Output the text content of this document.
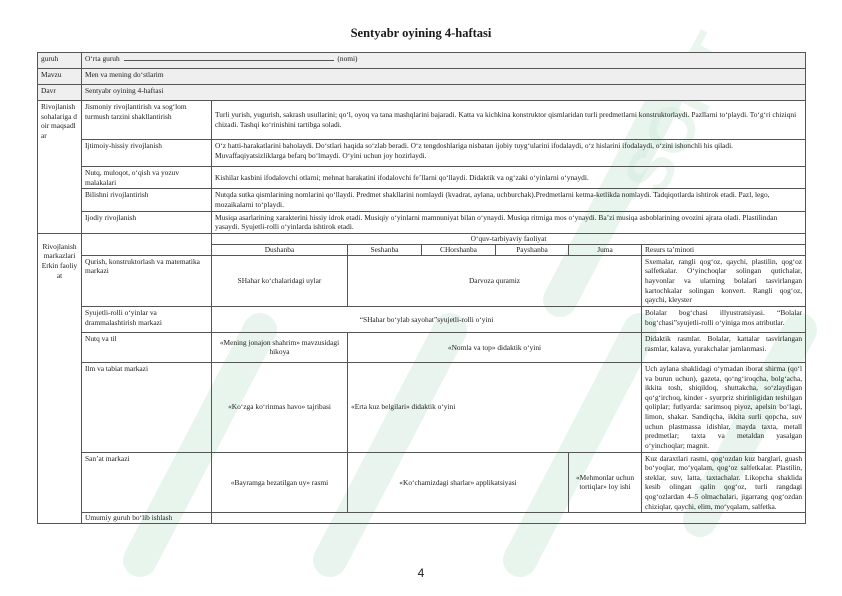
SOFT
Sentyabr oyining 4-haftasi
guruh	O‘rta guruh (nomi)						
Mavzu	Men va mening do‘stlarim						
Davr	Sentyabr oyining 4-haftasi						
Rivojlanish sohalariga doir maqsadlar	Jismoniy rivojlantirish va sog‘lom turmush tarzini shakllantirish	Turli yurish, yugurish, sakrash usullarini; qo‘l, oyoq va tana mashqlarini bajaradi. Katta va kichkina konstruktor qismlaridan turli predmetlarni konstruktorlaydi. Pazllarni to‘playdi. To‘g‘ri chiziqni chizadi. Tashqi ko‘rinishini tartibga soladi.					
	Ijtimoiy-hissiy rivojlanish	O‘z hatti-harakatlarini baholaydi. Do‘stlari haqida so‘zlab beradi. O‘z tengdoshlariga nisbatan ijobiy tuyg‘ularini ifodalaydi, o‘z hislarini ifodalaydi, o‘zini ishonchli his qiladi. Muvaffaqiyatsizliklarga befarq bo‘lmaydi. O‘yini uchun joy hozirlaydi.					
	Nutq, muloqot, o‘qish va yozuv malakalari	Kishilar kasbini ifodalovchi otlarni; mehnat harakatini ifodalovchi fe’llarni qo‘llaydi. Didaktik va og‘zaki o‘yinlarni o‘ynaydi.					
	Bilishni rivojlantirish	Nutqda sutka qismlarining nomlarini qo‘llaydi. Predmet shakllarini nomlaydi (kvadrat, aylana, uchburchak).Predmetlarni ketma-ketlikda nomlaydi. Tadqiqotlarda ishtirok etadi. Pazl, lego, mozaikalarni to‘playdi.					
	Ijodiy rivojlanish	Musiqa asarlarining xarakterini hissiy idrok etadi. Musiqiy o‘yinlarni mamnuniyat bilan o‘ynaydi. Musiqa ritmiga mos o‘ynaydi. Ba’zi musiqa asboblarining ovozini ajrata oladi. Plastilindan yasaydi. Syujetli-rolli o‘yinlarda ishtirok etadi.					
Rivojlanish markazlari Erkin faoliyat		O‘quv-tarbiyaviy faoliyat					
		Dushanba	Seshanba	CHorshanba	Payshanba	Juma	Resurs ta’minoti
	Qurish, konstruktorlash va matematika markazi	SHahar ko‘chalaridagi uylar	Darvoza quramiz				Sxemalar, rangli qog‘oz, qaychi, plastilin, qog‘oz salfetkalar. O‘yinchoqlar solingan qutichalar, hayvonlar va ularning bolalari tasvirlangan kartochkalar solingan konvert. Rangli qog‘oz, qaychi, kleyster
	Syujetli-rolli o‘yinlar va drammalashtirish markazi	“SHahar bo‘ylab sayohat”syujetli-rolli o‘yini					Bolalar bog‘chasi illyustratsiyasi. “Bolalar bog‘chasi”syujetli-rolli o‘yiniga mos atributlar.
	Nutq va til	«Mening jonajon shahrim» mavzusidagi hikoya	«Nomla va top» didaktik o‘yini				Didaktik rasmlar. Bolalar, kattalar tasvirlangan rasmlar, kalava, yurakchalar jamlanmasi.
	Ilm va tabiat markazi	«Ko‘zga ko‘rinmas havo» tajribasi	«Erta kuz belgilari» didaktik o‘yini				Uch aylana shaklidagi o‘ymadan iborat shirma (qo‘l va burun uchun), gazeta, qo‘ng‘iroqcha, bolg‘acha, ikkita tosh, shiqildoq, shuttakcha, so‘zlaydigan qo‘g‘irchoq, kinder - syurpriz shirinligidan teshilgan qoliplar; futlyarda: sarimsoq piyoz, apelsin bo‘lagi, limon, shakar. Sandiqcha, ikkita surli qopcha, suv uchun plastmassa idishlar, mayda taxta, metall predmetlar; taxta va metaldan yasalgan o‘yinchoqlar; magnit.
	San’at markazi	«Bayramga bezatilgan uy» rasmi	«Ko‘chamizdagi sharlar» applikatsiyasi			«Mehmonlar uchun tortiqlar» loy ishi	Kuz daraxtlari rasmi, qog‘ozdan kuz barglari, guash bo‘yoqlar, mo‘yqalam, qog‘oz salfetkalar. Plastilin, steklar, suv, latta, taxtachalar. Likopcha shaklida kesib olingan qalin qog‘oz, turli rangdagi qog‘ozlardan 4–5 olmachalari, jigarrang qog‘ozdan chiziqlar, qaychi, elim, mo‘yqalam, salfetka.
	Umumiy guruh bo‘lib ishlash						
4
